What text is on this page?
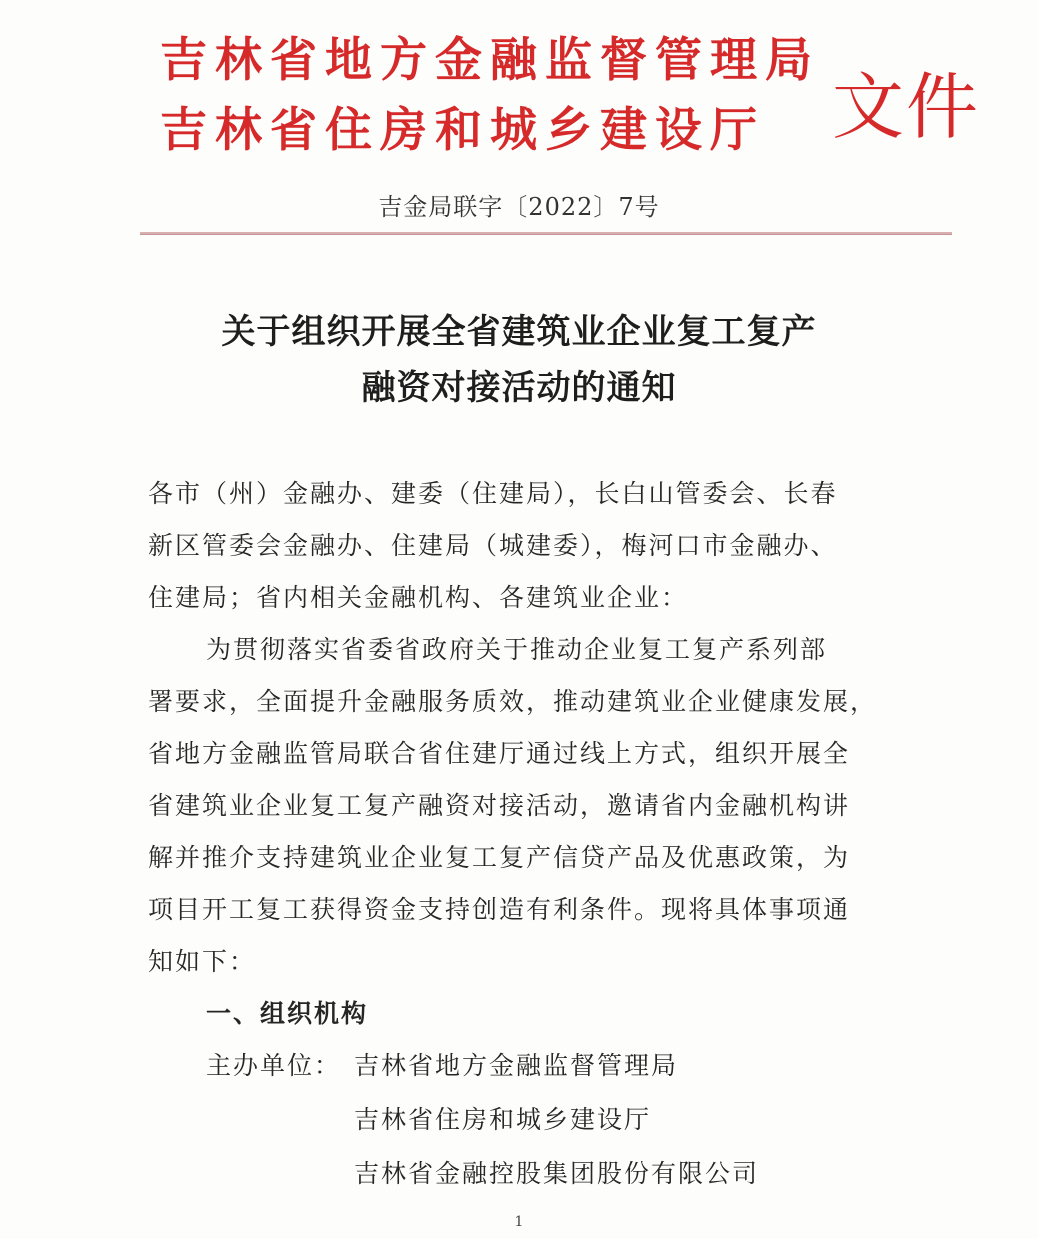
吉林省地方金融监督管理局
吉林省住房和城乡建设厅 文件
吉金局联字〔2022〕7号
关于组织开展全省建筑业企业复工复产
融资对接活动的通知
各市（州）金融办、建委（住建局），长白山管委会、长春
新区管委会金融办、住建局（城建委），梅河口市金融办、
住建局；省内相关金融机构、各建筑业企业：
为贯彻落实省委省政府关于推动企业复工复产系列部
署要求，全面提升金融服务质效，推动建筑业企业健康发展，
省地方金融监管局联合省住建厅通过线上方式，组织开展全
省建筑业企业复工复产融资对接活动，邀请省内金融机构讲
解并推介支持建筑业企业复工复产信贷产品及优惠政策，为
项目开工复工获得资金支持创造有利条件。现将具体事项通
知如下：
一、组织机构
主办单位： 吉林省地方金融监督管理局
吉林省住房和城乡建设厅
吉林省金融控股集团股份有限公司
1
